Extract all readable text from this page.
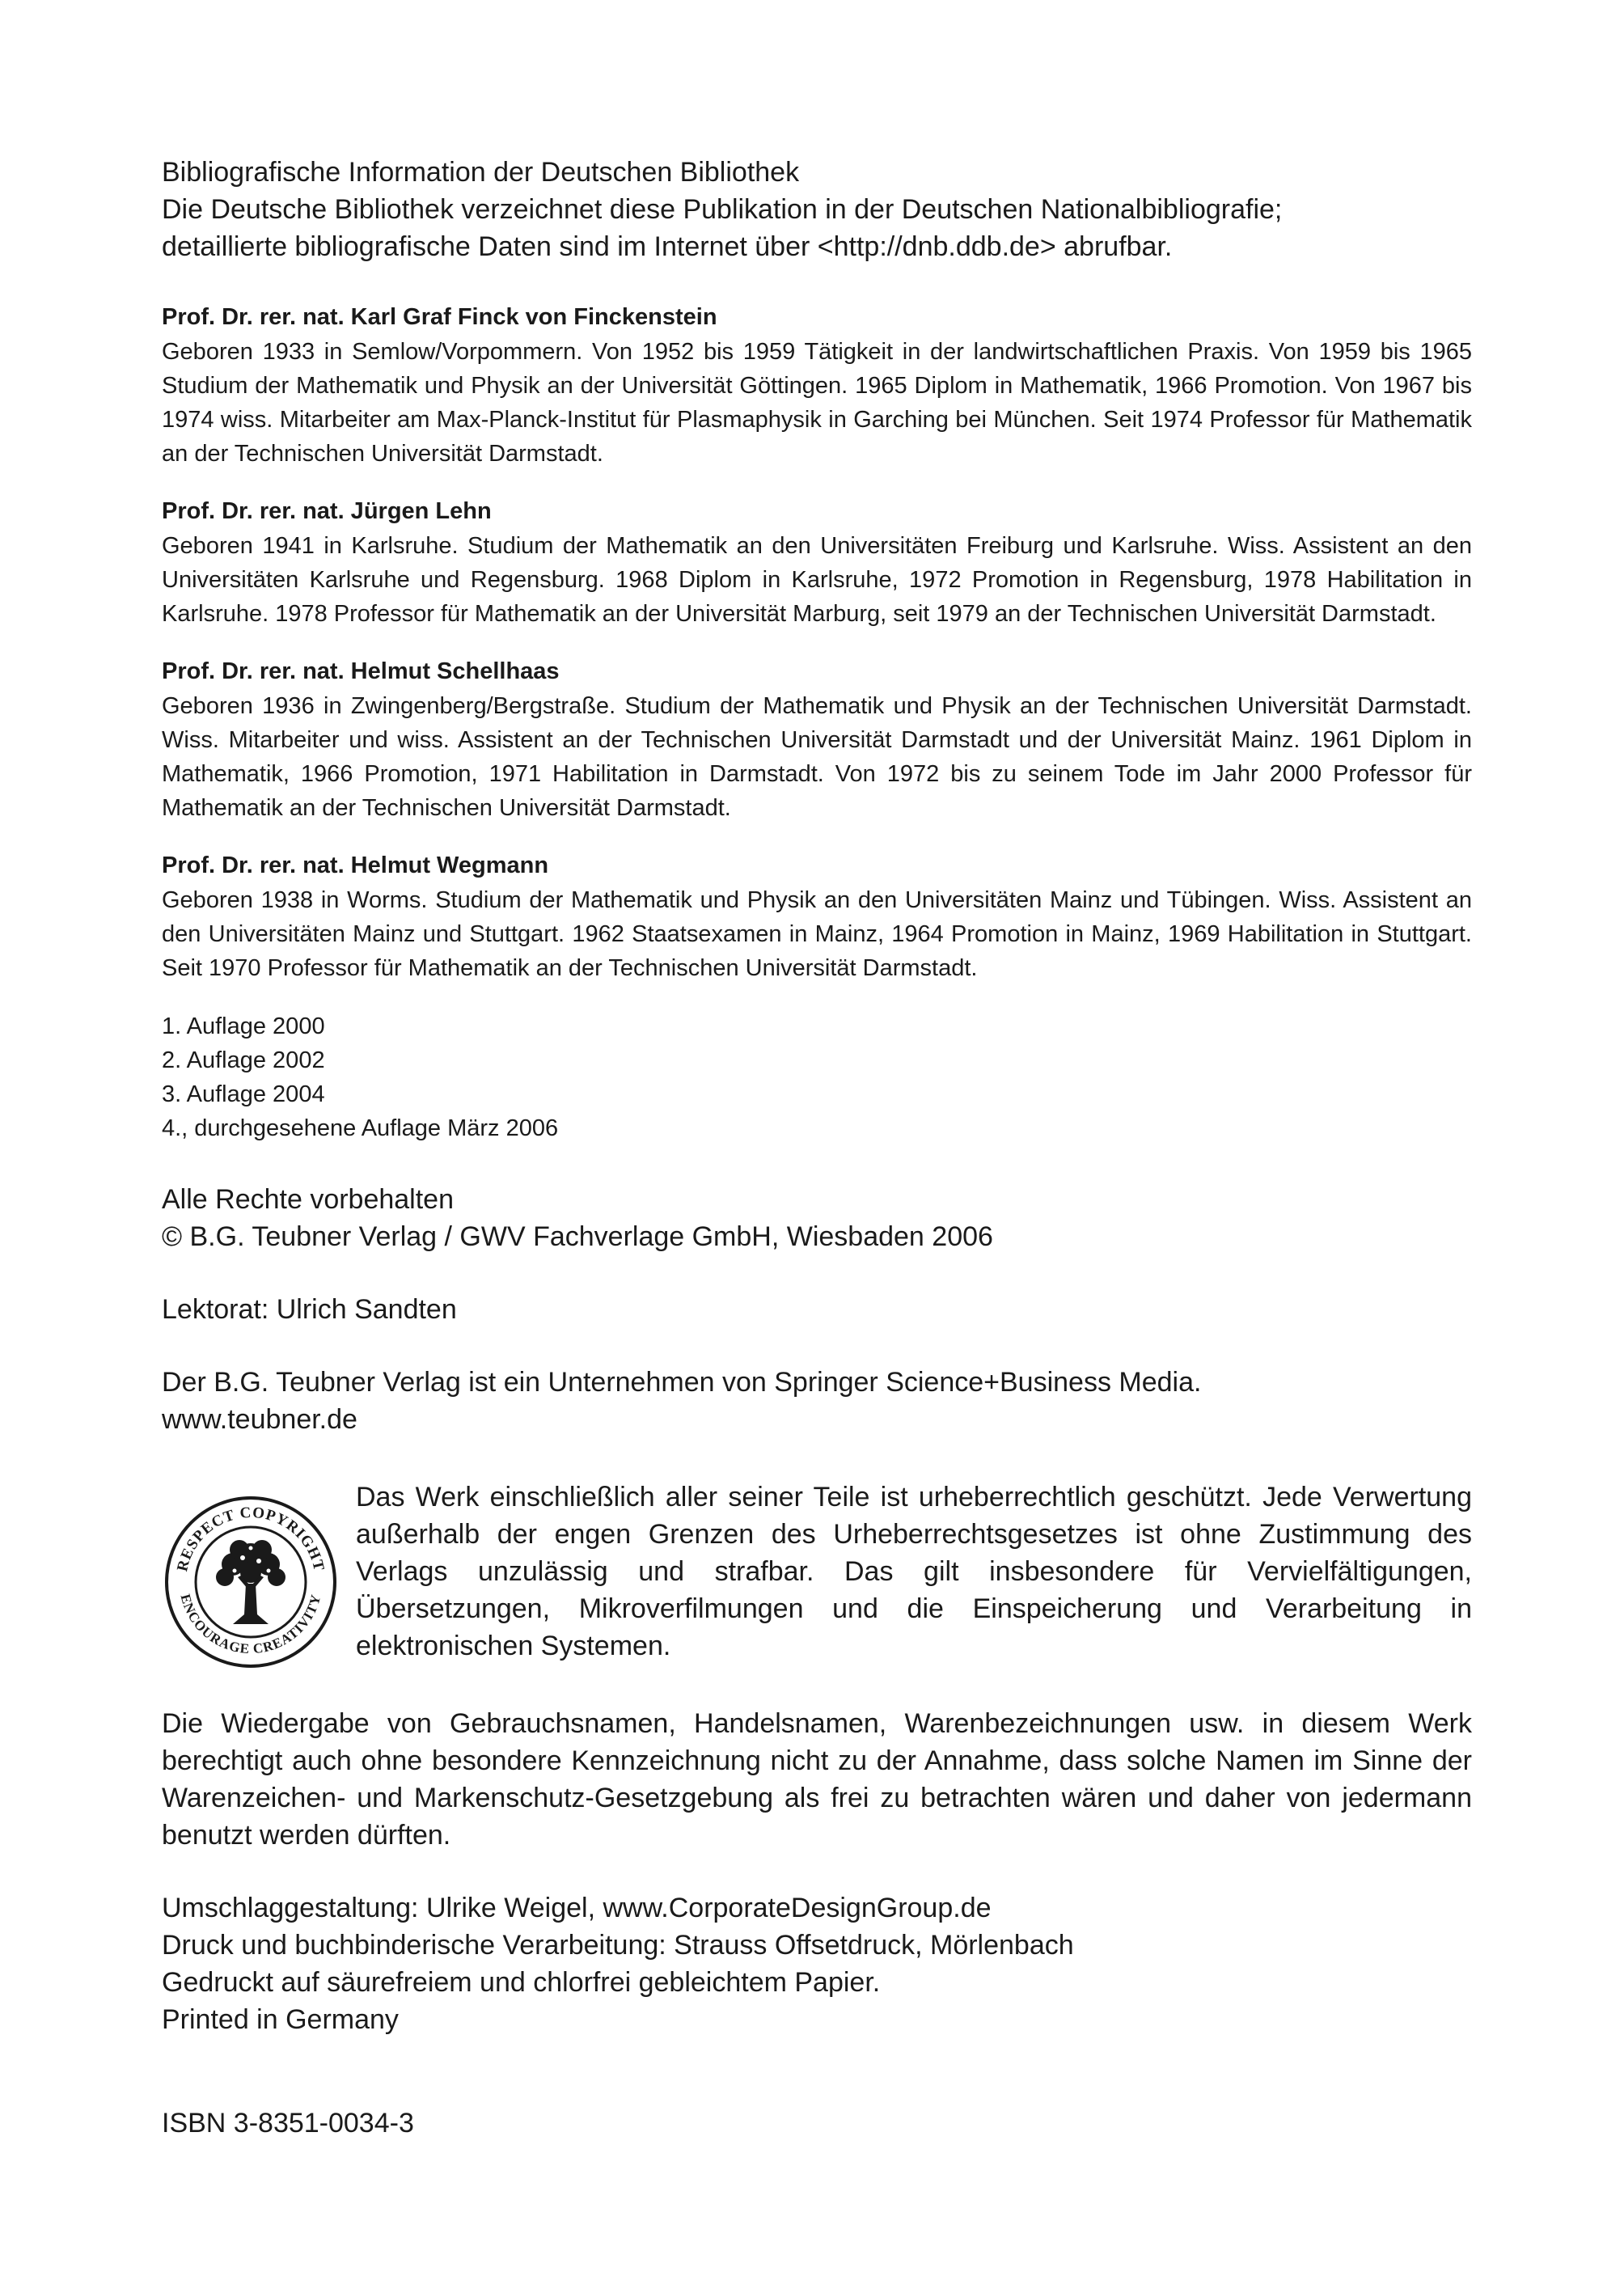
Bibliografische Information der Deutschen Bibliothek

Die Deutsche Bibliothek verzeichnet diese Publikation in der Deutschen Nationalbibliografie;

detaillierte bibliografische Daten sind im Internet über <http://dnb.ddb.de> abrufbar.

Prof. Dr. rer. nat. Karl Graf Finck von Finckenstein

Geboren 1933 in Semlow/Vorpommern. Von 1952 bis 1959 Tätigkeit in der landwirtschaftlichen Praxis. Von 1959 bis 1965 Studium der Mathematik und Physik an der Universität Göttingen. 1965 Diplom in Mathematik, 1966 Promotion. Von 1967 bis 1974 wiss. Mitarbeiter am Max-Planck-Institut für Plasmaphysik in Garching bei München. Seit 1974 Professor für Mathematik an der Technischen Universität Darmstadt.

Prof. Dr. rer. nat. Jürgen Lehn

Geboren 1941 in Karlsruhe. Studium der Mathematik an den Universitäten Freiburg und Karlsruhe. Wiss. Assistent an den Universitäten Karlsruhe und Regensburg. 1968 Diplom in Karlsruhe, 1972 Promotion in Regensburg, 1978 Habilitation in Karlsruhe. 1978 Professor für Mathematik an der Universität Marburg, seit 1979 an der Technischen Universität Darmstadt.

Prof. Dr. rer. nat. Helmut Schellhaas

Geboren 1936 in Zwingenberg/Bergstraße. Studium der Mathematik und Physik an der Technischen Universität Darmstadt. Wiss. Mitarbeiter und wiss. Assistent an der Technischen Universität Darmstadt und der Universität Mainz. 1961 Diplom in Mathematik, 1966 Promotion, 1971 Habilitation in Darmstadt. Von 1972 bis zu seinem Tode im Jahr 2000 Professor für Mathematik an der Technischen Universität Darmstadt.

Prof. Dr. rer. nat. Helmut Wegmann

Geboren 1938 in Worms. Studium der Mathematik und Physik an den Universitäten Mainz und Tübingen. Wiss. Assistent an den Universitäten Mainz und Stuttgart. 1962 Staatsexamen in Mainz, 1964 Promotion in Mainz, 1969 Habilitation in Stuttgart. Seit 1970 Professor für Mathematik an der Technischen Universität Darmstadt.

1. Auflage 2000
2. Auflage 2002
3. Auflage 2004
4., durchgesehene Auflage März 2006

Alle Rechte vorbehalten

© B.G. Teubner Verlag / GWV Fachverlage GmbH, Wiesbaden 2006

Lektorat: Ulrich Sandten

Der B.G. Teubner Verlag ist ein Unternehmen von Springer Science+Business Media.

www.teubner.de

RESPECT COPYRIGHT
ENCOURAGE CREATIVITY

Das Werk einschließlich aller seiner Teile ist urheberrechtlich geschützt. Jede Verwertung außerhalb der engen Grenzen des Urheberrechtsgesetzes ist ohne Zustimmung des Verlags unzulässig und strafbar. Das gilt insbesondere für Vervielfältigungen, Übersetzungen, Mikroverfilmungen und die Einspeicherung und Verarbeitung in elektronischen Systemen.

Die Wiedergabe von Gebrauchsnamen, Handelsnamen, Warenbezeichnungen usw. in diesem Werk berechtigt auch ohne besondere Kennzeichnung nicht zu der Annahme, dass solche Namen im Sinne der Warenzeichen- und Markenschutz-Gesetzgebung als frei zu betrachten wären und daher von jedermann benutzt werden dürften.

Umschlaggestaltung: Ulrike Weigel, www.CorporateDesignGroup.de

Druck und buchbinderische Verarbeitung: Strauss Offsetdruck, Mörlenbach

Gedruckt auf säurefreiem und chlorfrei gebleichtem Papier.

Printed in Germany

ISBN 3-8351-0034-3
